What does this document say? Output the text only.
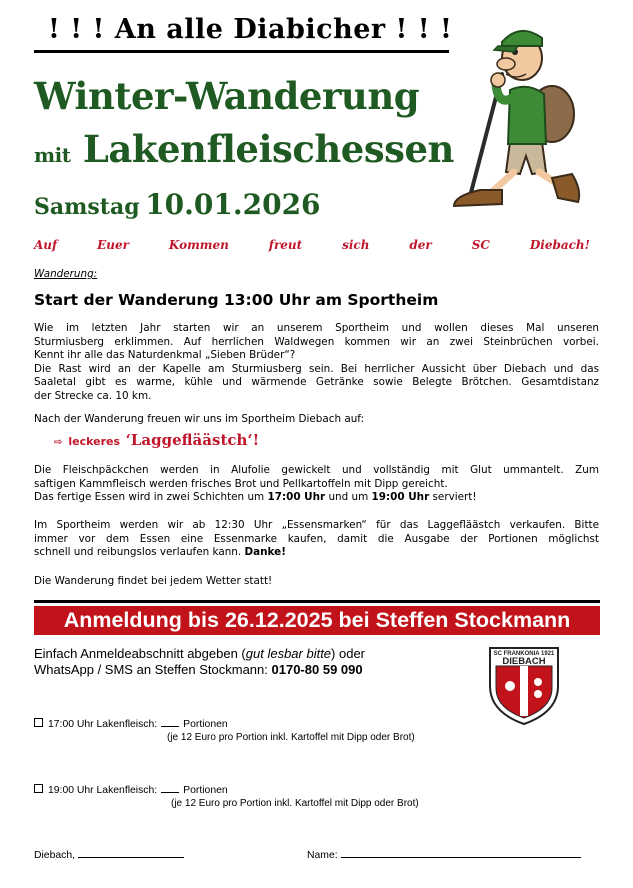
! ! ! An alle Diabicher ! ! !
Winter-Wanderung
mit Lakenfleischessen
Samstag 10.01.2026
Auf	Euer	Kommen	freut	sich	der	SC	Diebach!
Wanderung:
Start der Wanderung 13:00 Uhr am Sportheim
Wie im letzten Jahr starten wir an unserem Sportheim und wollen dieses Mal unseren
Sturmiusberg erklimmen. Auf herrlichen Waldwegen kommen wir an zwei Steinbrüchen vorbei.
Kennt ihr alle das Naturdenkmal „Sieben Brüder“?
Die Rast wird an der Kapelle am Sturmiusberg sein. Bei herrlicher Aussicht über Diebach und das
Saaletal gibt es warme, kühle und wärmende Getränke sowie Belegte Brötchen. Gesamtdistanz
der Strecke ca. 10 km.
Nach der Wanderung freuen wir uns im Sportheim Diebach auf:
⇨ leckeres ‘Laggefläästch‘!
Die Fleischpäckchen werden in Alufolie gewickelt und vollständig mit Glut ummantelt. Zum
saftigen Kammfleisch werden frisches Brot und Pellkartoffeln mit Dipp gereicht.
Das fertige Essen wird in zwei Schichten um 17:00 Uhr und um 19:00 Uhr serviert!
Im Sportheim werden wir ab 12:30 Uhr „Essensmarken“ für das Laggefläästch verkaufen. Bitte
immer vor dem Essen eine Essenmarke kaufen, damit die Ausgabe der Portionen möglichst
schnell und reibungslos verlaufen kann. Danke!
Die Wanderung findet bei jedem Wetter statt!
Anmeldung bis 26.12.2025 bei Steffen Stockmann
Einfach Anmeldeabschnitt abgeben (gut lesbar bitte) oder
WhatsApp / SMS an Steffen Stockmann: 0170-80 59 090
SC FRANKONIA 1921
DIEBACH
17:00 Uhr Lakenfleisch:	Portionen
(je 12 Euro pro Portion inkl. Kartoffel mit Dipp oder Brot)
19:00 Uhr Lakenfleisch:	Portionen
(je 12 Euro pro Portion inkl. Kartoffel mit Dipp oder Brot)
Diebach,	Name:
